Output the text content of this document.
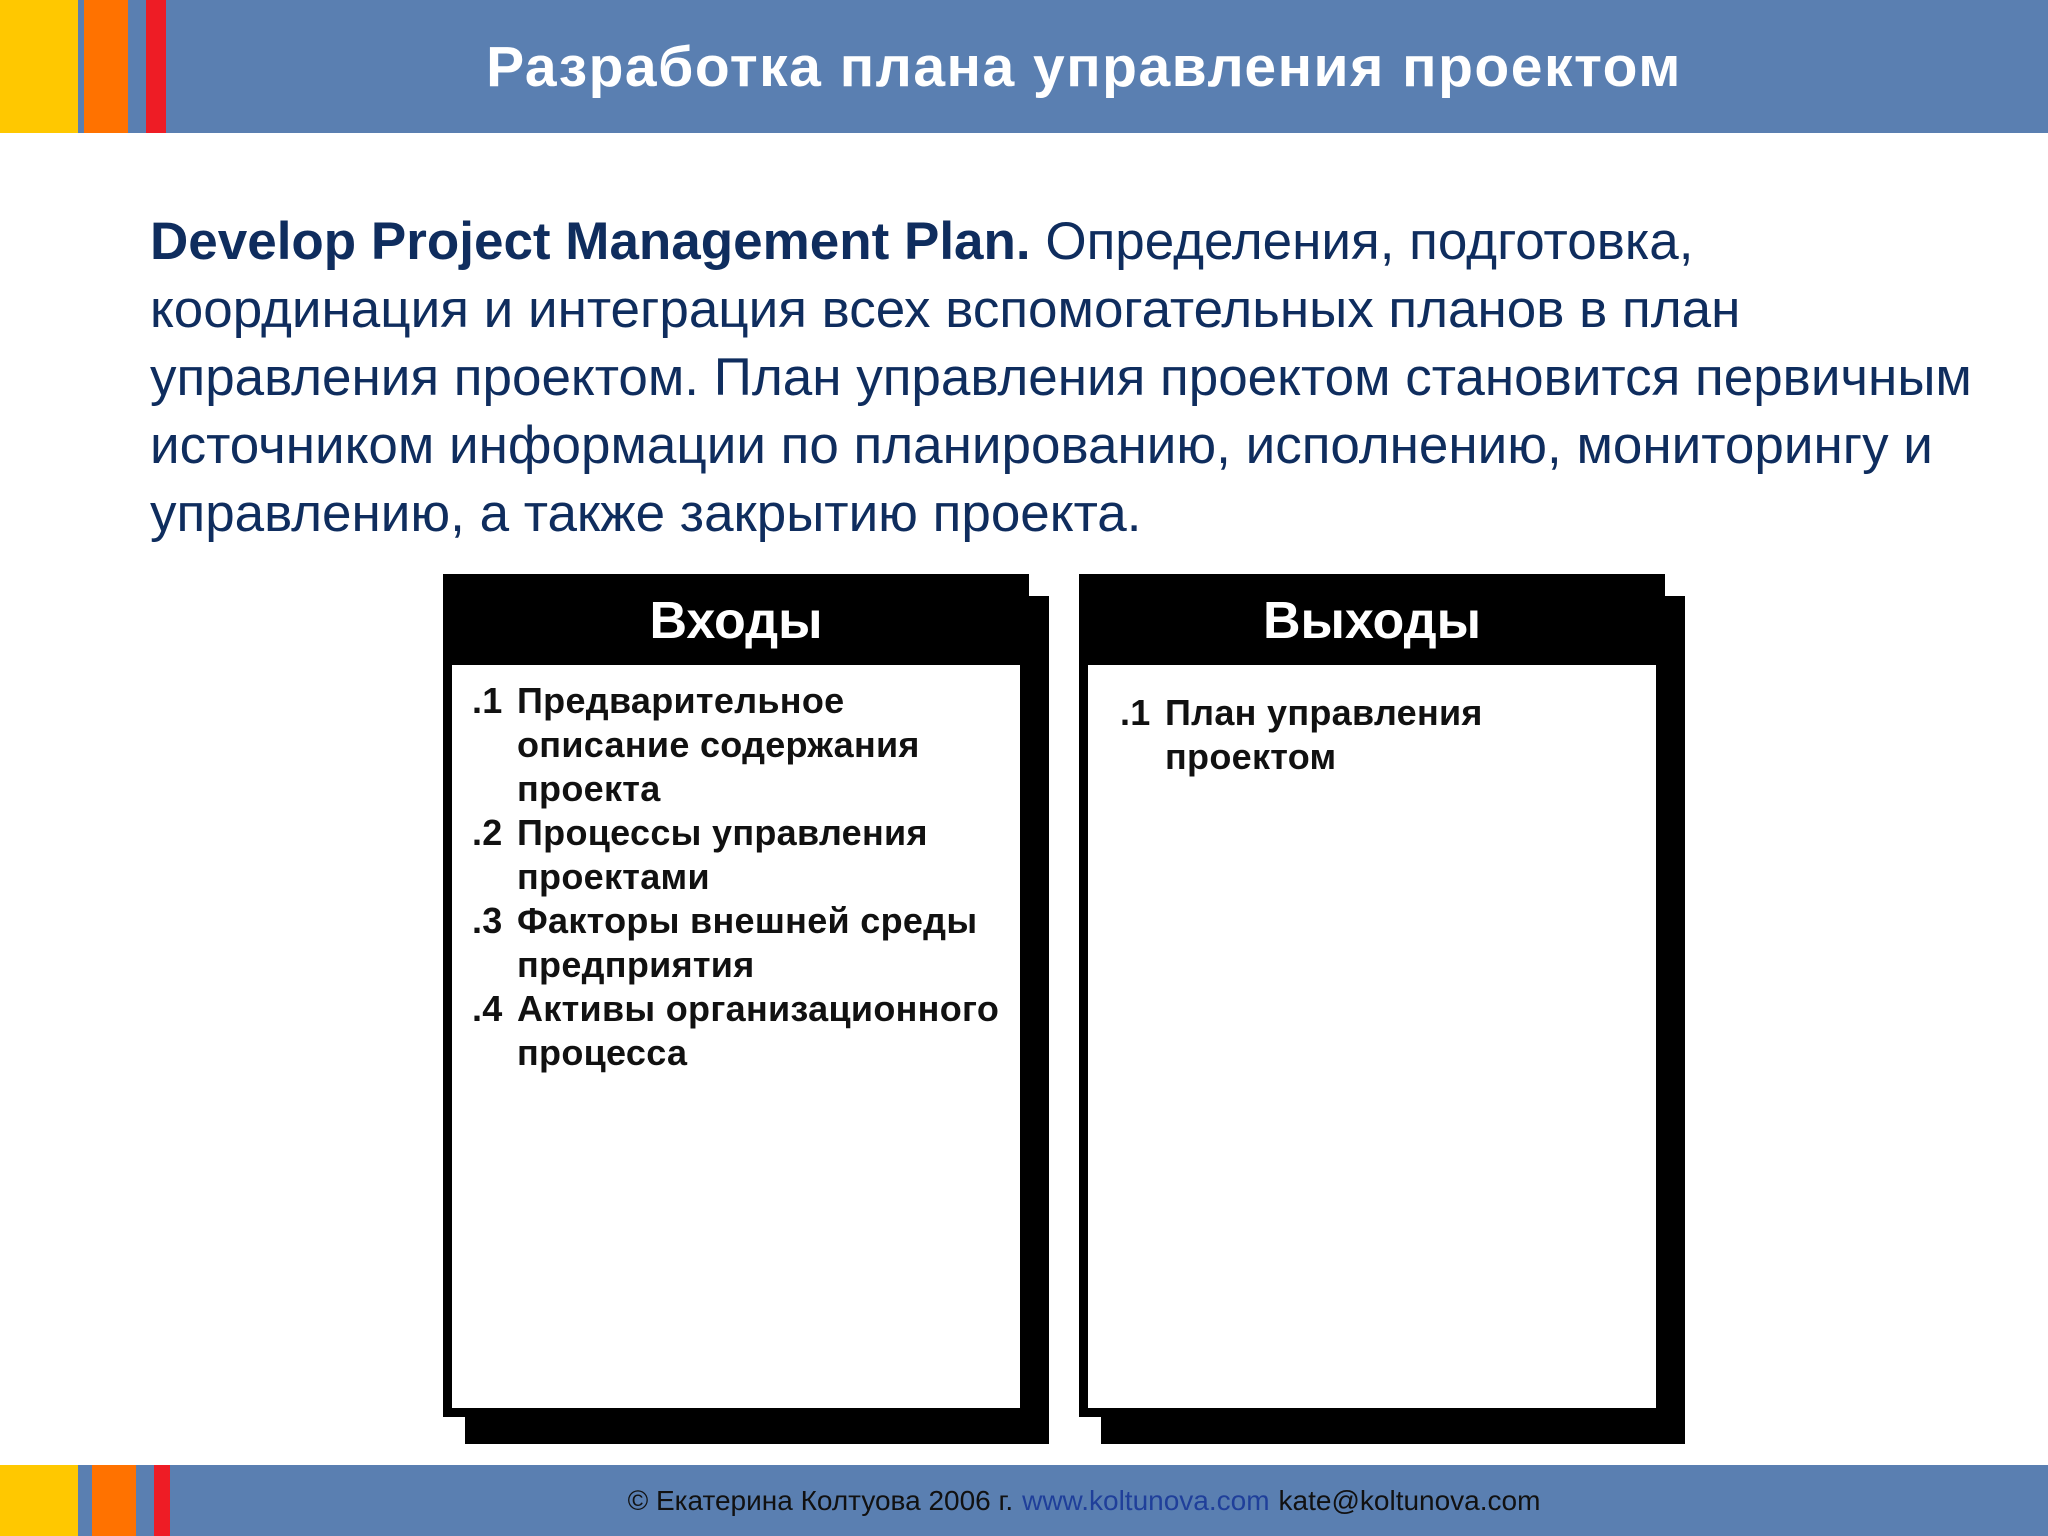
Разработка плана управления проектом
Develop Project Management Plan. Определения, подготовка, координация и интеграция всех вспомогательных планов в план управления проектом. План управления проектом становится первичным источником информации по планированию, исполнению, мониторингу и управлению, а также закрытию проекта.
Входы
.1 Предварительное описание содержания проекта
.2 Процессы управления проектами
.3 Факторы внешней среды предприятия
.4 Активы организационного процесса
Выходы
.1 План управления проектом
© Екатерина Колтуова 2006 г. www.koltunova.com kate@koltunova.com
